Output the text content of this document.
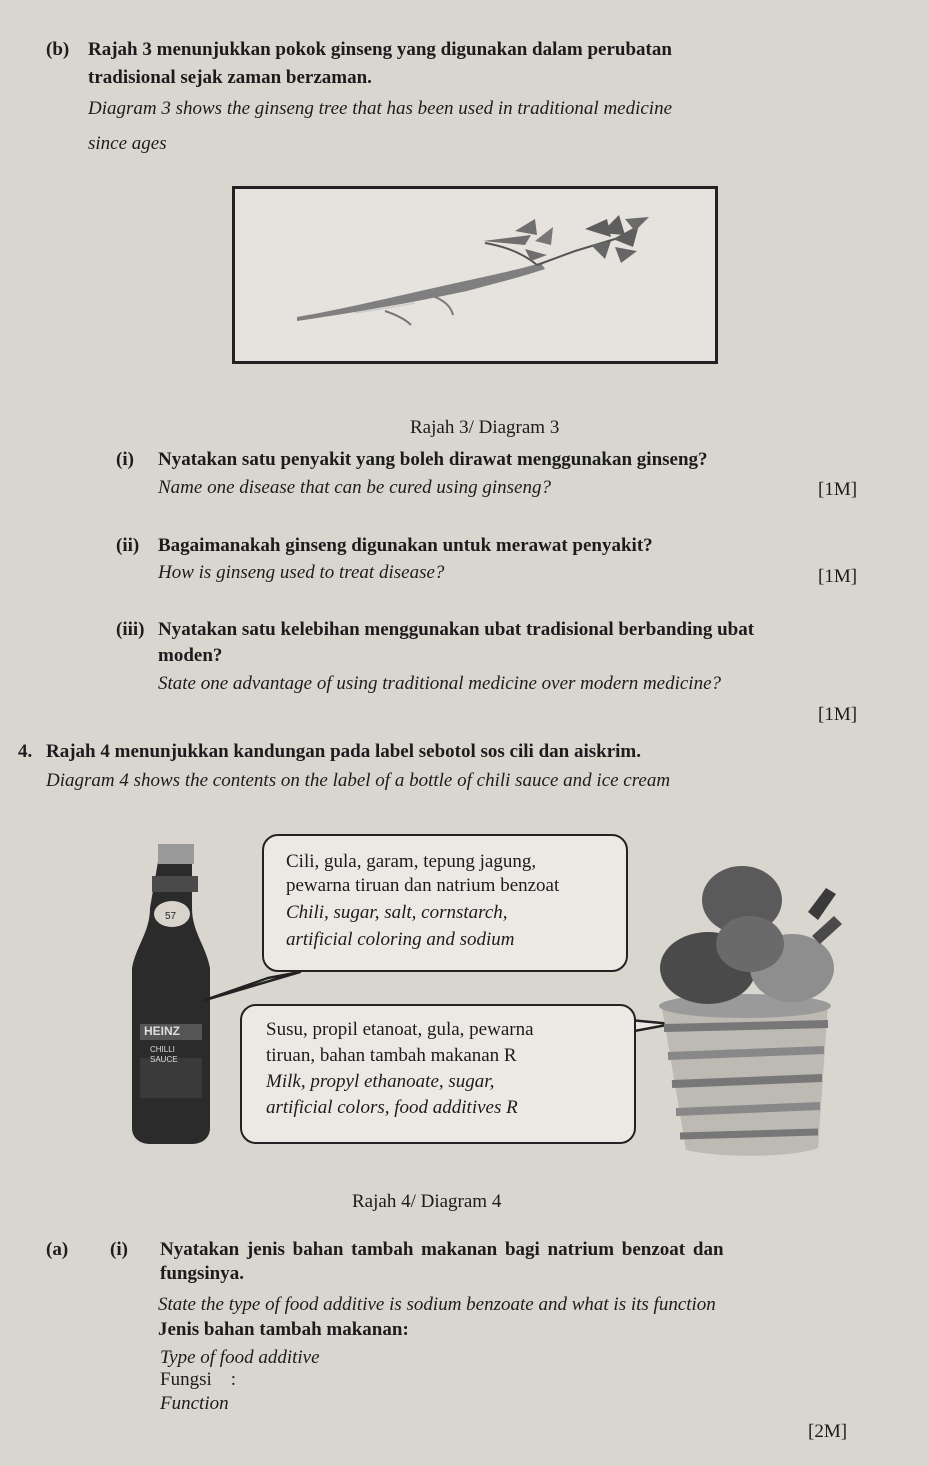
(b) Rajah 3 menunjukkan pokok ginseng yang digunakan dalam perubatan
tradisional sejak zaman berzaman.
Diagram 3 shows the ginseng tree that has been used in traditional medicine
since ages
Rajah 3/ Diagram 3
(i) Nyatakan satu penyakit yang boleh dirawat menggunakan ginseng?
Name one disease that can be cured using ginseng?	[1M]
(ii) Bagaimanakah ginseng digunakan untuk merawat penyakit?
How is ginseng used to treat disease?	[1M]
(iii) Nyatakan satu kelebihan menggunakan ubat tradisional berbanding ubat
moden?
State one advantage of using traditional medicine over modern medicine?
[1M]
4. Rajah 4 menunjukkan kandungan pada label sebotol sos cili dan aiskrim.
Diagram 4 shows the contents on the label of a bottle of chili sauce and ice cream
57
HEINZ
CHILLI
SAUCE
Cili, gula, garam, tepung jagung,
pewarna tiruan dan natrium benzoat
Chili, sugar, salt, cornstarch,
artificial coloring and sodium
Susu, propil etanoat, gula, pewarna
tiruan, bahan tambah makanan R
Milk, propyl ethanoate, sugar,
artificial colors, food additives R
Rajah 4/ Diagram 4
(a) (i) Nyatakan jenis bahan tambah makanan bagi natrium benzoat dan
fungsinya.
State the type of food additive is sodium benzoate and what is its function
Jenis bahan tambah makanan:
Type of food additive
Fungsi    :
Function
[2M]
